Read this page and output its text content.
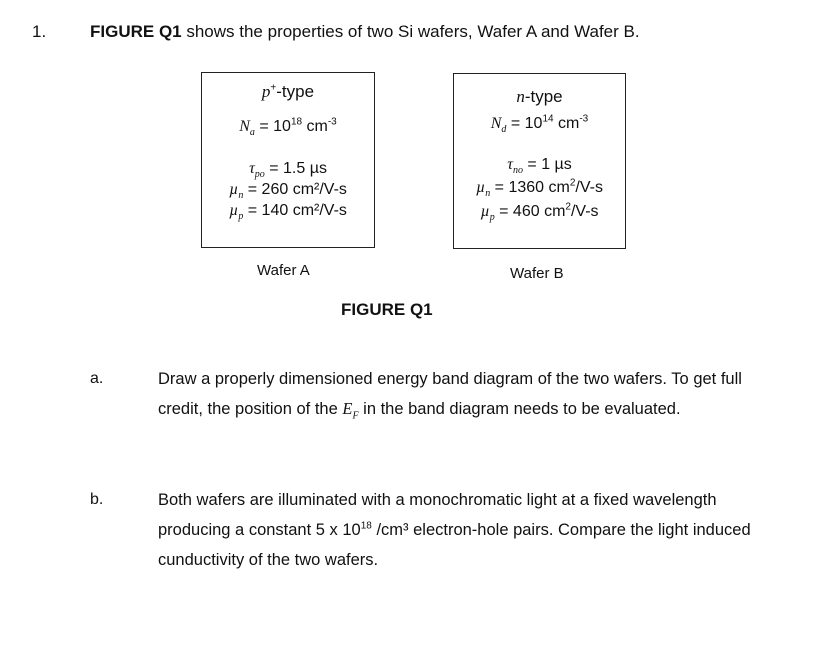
1.	FIGURE Q1 shows the properties of two Si wafers, Wafer A and Wafer B.
p+-type
$N_a = 10^{18}$ $cm^{-3}$
$\tau_{po} = 1.5$ µs
µ$_n$ = 260 cm²/V-s
µ$_p$ = 140 cm²/V-s
Wafer A
n-type
$N_d = 10^{14}$ $cm^{-3}$
$\tau_{no} = 1$ µs
µ$_n$ = 1360 $cm^2/V-s$
µ$_p$ = 460 $cm^2/V-s$
Wafer B
FIGURE Q1
a.	Draw a properly dimensioned energy band diagram of the two wafers. To get full credit, the position of the $E_F$ in the band diagram needs to be evaluated.
b.	Both wafers are illuminated with a monochromatic light at a fixed wavelength producing a constant 5 x $10^{18}$ /cm³ electron-hole pairs. Compare the light induced cunductivity of the two wafers.
